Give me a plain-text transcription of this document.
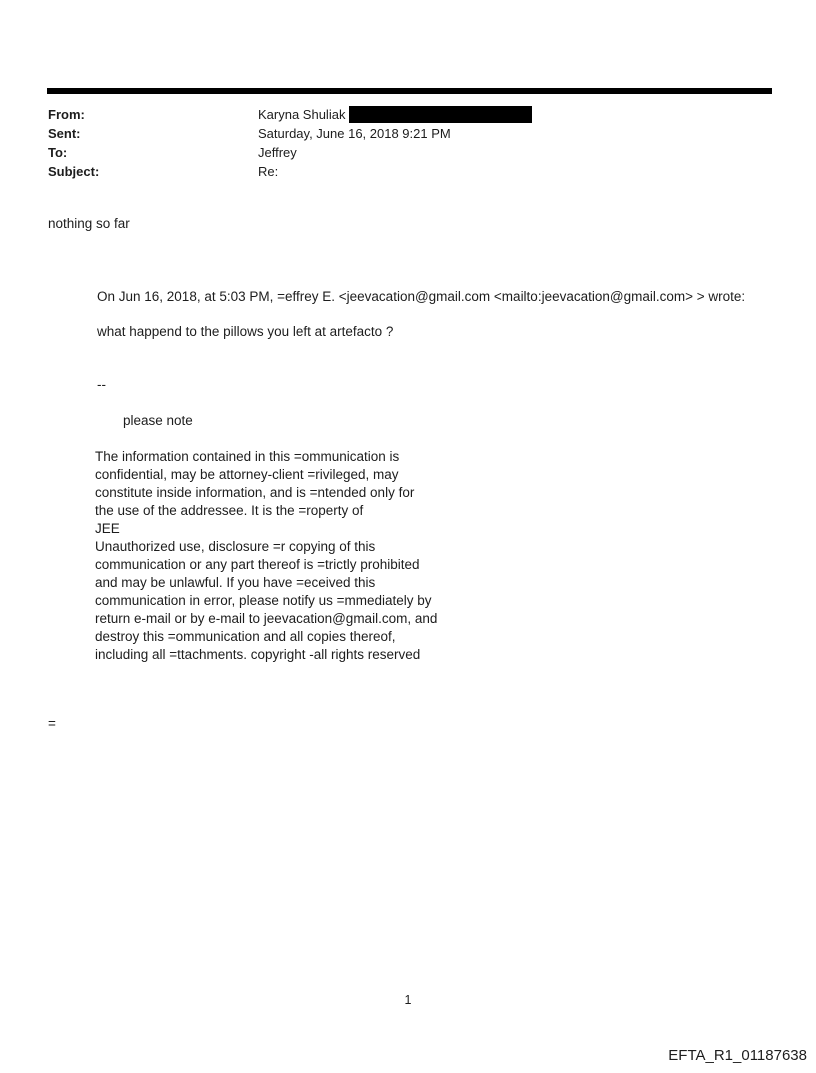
From:	Karyna Shuliak
Sent:	Saturday, June 16, 2018 9:21 PM
To:	Jeffrey
Subject:	Re:
nothing so far
On Jun 16, 2018, at 5:03 PM, =effrey E. <jeevacation@gmail.com <mailto:jeevacation@gmail.com> > wrote:
what happend to the pillows you left at artefacto ?
--
please note
The information contained in this =ommunication is
confidential, may be attorney-client =rivileged, may
constitute inside information, and is =ntended only for
the use of the addressee. It is the =roperty of
JEE
Unauthorized use, disclosure =r copying of this
communication or any part thereof is =trictly prohibited
and may be unlawful. If you have =eceived this
communication in error, please notify us =mmediately by
return e-mail or by e-mail to jeevacation@gmail.com, and
destroy this =ommunication and all copies thereof,
including all =ttachments. copyright -all rights reserved
=
1
EFTA_R1_01187638
